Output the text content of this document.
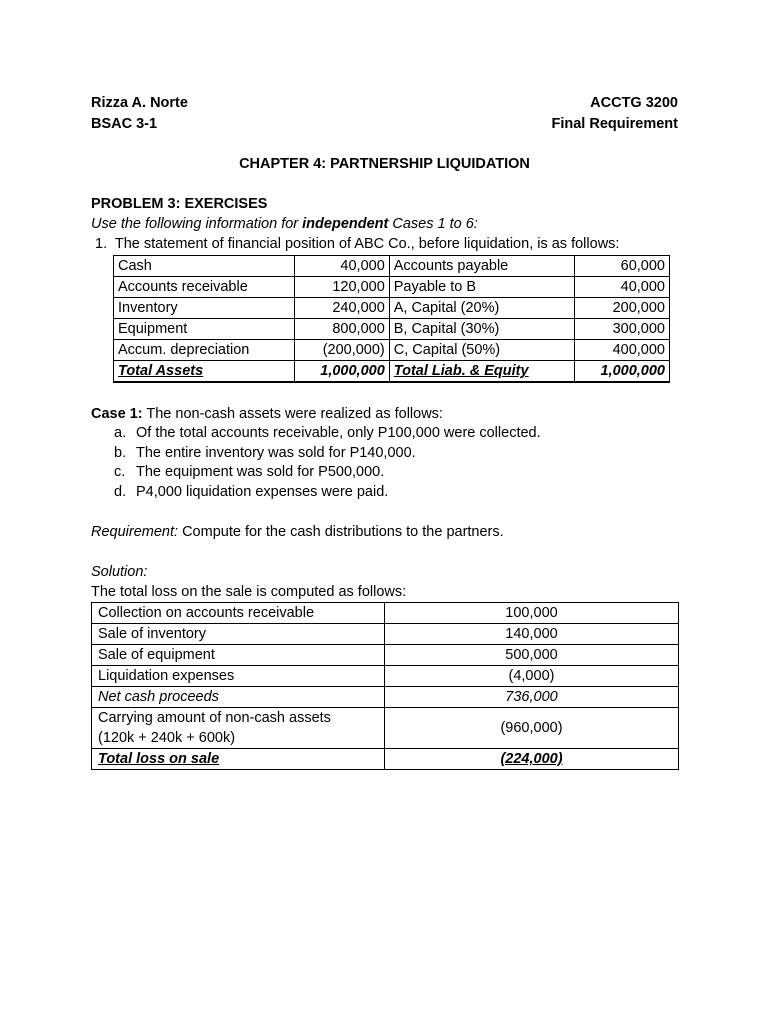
Rizza A. Norte
BSAC 3-1
ACCTG 3200
Final Requirement
CHAPTER 4: PARTNERSHIP LIQUIDATION
PROBLEM 3: EXERCISES
Use the following information for independent Cases 1 to 6:
1. The statement of financial position of ABC Co., before liquidation, is as follows:
Cash	40,000	Accounts payable	60,000
Accounts receivable	120,000	Payable to B	40,000
Inventory	240,000	A, Capital (20%)	200,000
Equipment	800,000	B, Capital (30%)	300,000
Accum. depreciation	(200,000)	C, Capital (50%)	400,000
Total Assets	1,000,000	Total Liab. & Equity	1,000,000
Case 1: The non-cash assets were realized as follows:
a. Of the total accounts receivable, only P100,000 were collected.
b. The entire inventory was sold for P140,000.
c. The equipment was sold for P500,000.
d. P4,000 liquidation expenses were paid.
Requirement: Compute for the cash distributions to the partners.
Solution:
The total loss on the sale is computed as follows:
Collection on accounts receivable	100,000
Sale of inventory	140,000
Sale of equipment	500,000
Liquidation expenses	(4,000)
Net cash proceeds	736,000

Carrying amount of non-cash assets
(120k + 240k + 600k)	(960,000)
Total loss on sale	(224,000)
